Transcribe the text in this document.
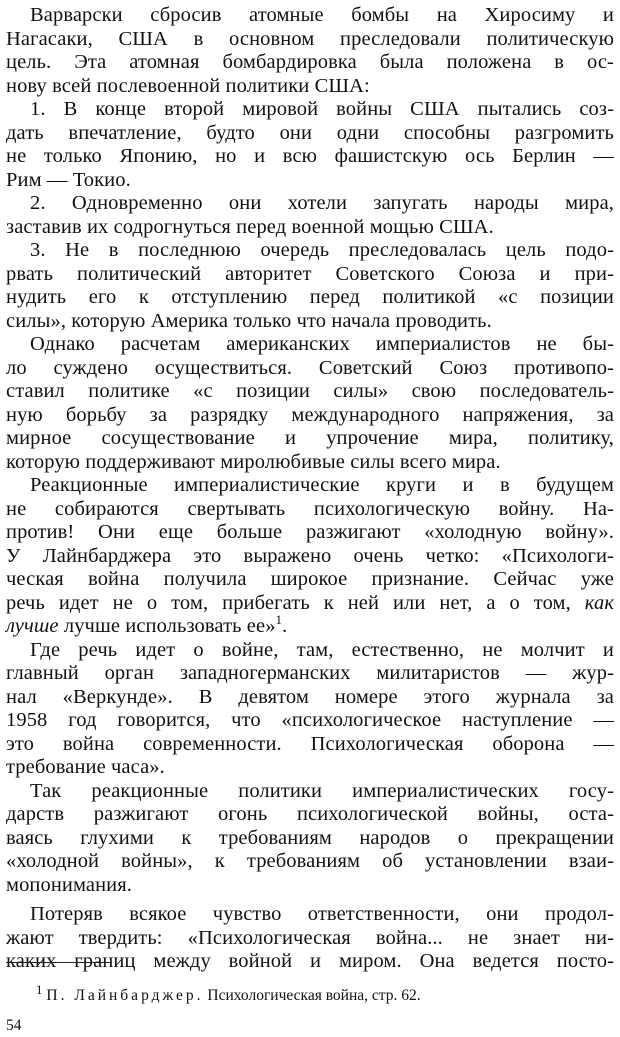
Варварски сбросив атомные бомбы на Хиросиму и
Нагасаки, США в основном преследовали политическую
цель. Эта атомная бомбардировка была положена в ос-
нову всей послевоенной политики США:
1. В конце второй мировой войны США пытались соз-
дать впечатление, будто они одни способны разгромить
не только Японию, но и всю фашистскую ось Берлин —
Рим — Токио.
2. Одновременно они хотели запугать народы мира,
заставив их содрогнуться перед военной мощью США.
3. Не в последнюю очередь преследовалась цель подо-
рвать политический авторитет Советского Союза и при-
нудить его к отступлению перед политикой «с позиции
силы», которую Америка только что начала проводить.
Однако расчетам американских империалистов не бы-
ло суждено осуществиться. Советский Союз противопо-
ставил политике «с позиции силы» свою последователь-
ную борьбу за разрядку международного напряжения, за
мирное сосуществование и упрочение мира, политику,
которую поддерживают миролюбивые силы всего мира.
Реакционные империалистические круги и в будущем
не собираются свертывать психологическую войну. На-
против! Они еще больше разжигают «холодную войну».
У Лайнбарджера это выражено очень четко: «Психологи-
ческая война получила широкое признание. Сейчас уже
речь идет не о том, прибегать к ней или нет, а о том, как
лучше лучше использовать ее»$^1$.
Где речь идет о войне, там, естественно, не молчит и
главный орган западногерманских милитаристов — жур-
нал «Веркунде». В девятом номере этого журнала за
1958 год говорится, что «психологическое наступление —
это война современности. Психологическая оборона —
требование часа».
Так реакционные политики империалистических госу-
дарств разжигают огонь психологической войны, оста-
ваясь глухими к требованиям народов о прекращении
«холодной войны», к требованиям об установлении взаи-
мопонимания.
Потеряв всякое чувство ответственности, они продол-
жают твердить: «Психологическая война... не знает ни-
каких границ между войной и миром. Она ведется посто-
$^1$ П. Лайнбарджер. Психологическая война, стр. 62.
54
